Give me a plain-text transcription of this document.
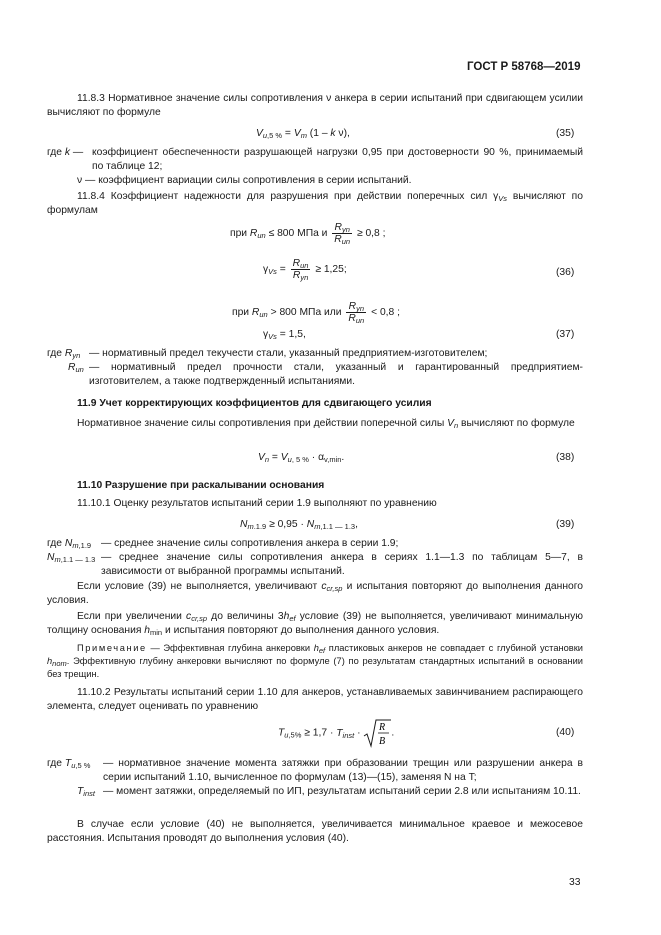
ГОСТ Р 58768—2019
11.8.3 Нормативное значение силы сопротивления ν анкера в серии испытаний при сдвигающем усилии вычисляют по формуле
$V_{u,5 \%} = V_m$ (1 – k ν),	(35)
где k — коэффициент обеспеченности разрушающей нагрузки 0,95 при достоверности 90 %, принимаемый по таблице 12;
ν — коэффициент вариации силы сопротивления в серии испытаний.
11.8.4 Коэффициент надежности для разрушения при действии поперечных сил $\gamma_{Vs}$ вычисляют по формулам
при $R_{un} \le 800$ МПа и $\frac{R_{yn}}{R_{un}} \ge 0,8$ ;
$\gamma_{Vs} = \frac{R_{un}}{R_{yn}} \ge 1,25$;	(36)
при $R_{un} > 800$ МПа или $\frac{R_{yn}}{R_{un}} < 0,8$ ;
$\gamma_{Vs} = 1,5$,	(37)
где $R_{yn}$ — нормативный предел текучести стали, указанный предприятием-изготовителем;
$R_{un}$ — нормативный предел прочности стали, указанный и гарантированный предприятием-изготовителем, а также подтвержденный испытаниями.
11.9 Учет корректирующих коэффициентов для сдвигающего усилия
Нормативное значение силы сопротивления при действии поперечной силы $V_n$ вычисляют по формуле
$V_n = V_{u, 5 \%} \cdot \alpha_{v,min}$.	(38)
11.10 Разрушение при раскалывании основания
11.10.1 Оценку результатов испытаний серии 1.9 выполняют по уравнению
$N_{m.1.9} \ge 0,95 \cdot N_{m,1.1 — 1.3}$,	(39)
где $N_{m,1.9}$ — среднее значение силы сопротивления анкера в серии 1.9;
$N_{m,1.1 — 1.3}$ — среднее значение силы сопротивления анкера в сериях 1.1—1.3 по таблицам 5—7, в зависимости от выбранной программы испытаний.
Если условие (39) не выполняется, увеличивают $c_{cr,sp}$ и испытания повторяют до выполнения данного условия.
Если при увеличении $c_{cr,sp}$ до величины $3h_{ef}$ условие (39) не выполняется, увеличивают минимальную толщину основания $h_{min}$ и испытания повторяют до выполнения данного условия.
Примечание — Эффективная глубина анкеровки $h_{ef}$ пластиковых анкеров не совпадает с глубиной установки $h_{nom}$. Эффективную глубину анкеровки вычисляют по формуле (7) по результатам стандартных испытаний в основании без трещин.
11.10.2 Результаты испытаний серии 1.10 для анкеров, устанавливаемых завинчиванием распирающего элемента, следует оценивать по уравнению
$T_{u,5\%} \ge 1,7 \cdot T_{inst}$ ·
R
B
.	(40)
где $T_{u,5 \%}$ — нормативное значение момента затяжки при образовании трещин или разрушении анкера в серии испытаний 1.10, вычисленное по формулам (13)—(15), заменяя N на T;
$T_{inst}$ — момент затяжки, определяемый по ИП, результатам испытаний серии 2.8 или испытаниям 10.11.
В случае если условие (40) не выполняется, увеличивается минимальное краевое и межосевое расстояния. Испытания проводят до выполнения условия (40).
33
